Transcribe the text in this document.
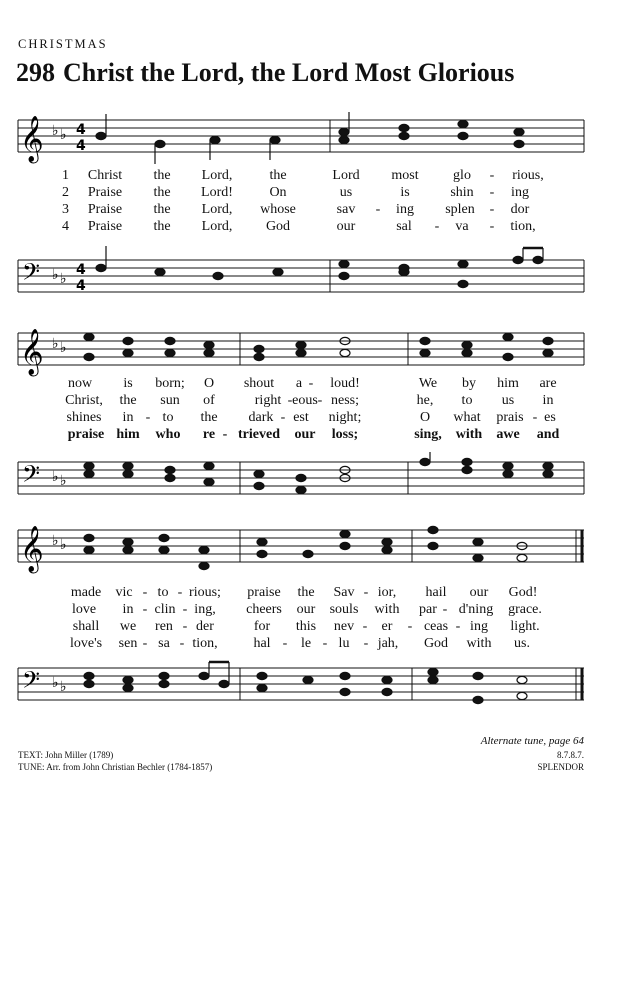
CHRISTMAS
298 Christ the Lord, the Lord Most Glorious
𝄞 ♭ ♭ 4
4
1 Christ the Lord,	the	Lord most glo - rious,
2 Praise the Lord!	On	us	is	shin - ing
3 Praise the Lord, whose	sav - ing splen - dor
4 Praise the Lord, God	our	sal - va - tion,
𝄢 ♭ ♭
4
4
𝄞 ♭ ♭
now is born; O shout a - loud!	We by him are
Christ, the sun of	right - eous - ness;	he, to us in
shines in - to the dark - est night;	O what prais - es
praise him who re - trieved our loss;	sing, with awe and
𝄢 ♭ ♭
𝄞 ♭ ♭
made vic - to - rious; praise the Sav - ior, hail our God!
love in - clin - ing, cheers our souls with par - d'ning grace.
shall we ren - der	for this nev - er - ceas - ing light.
love's sen - sa - tion,	hal - le - lu - jah, God with us.
𝄢 ♭ ♭
Alternate tune, page 64
8.7.8.7.
SPLENDOR
TEXT: John Miller (1789)
TUNE: Arr. from John Christian Bechler (1784-1857)
